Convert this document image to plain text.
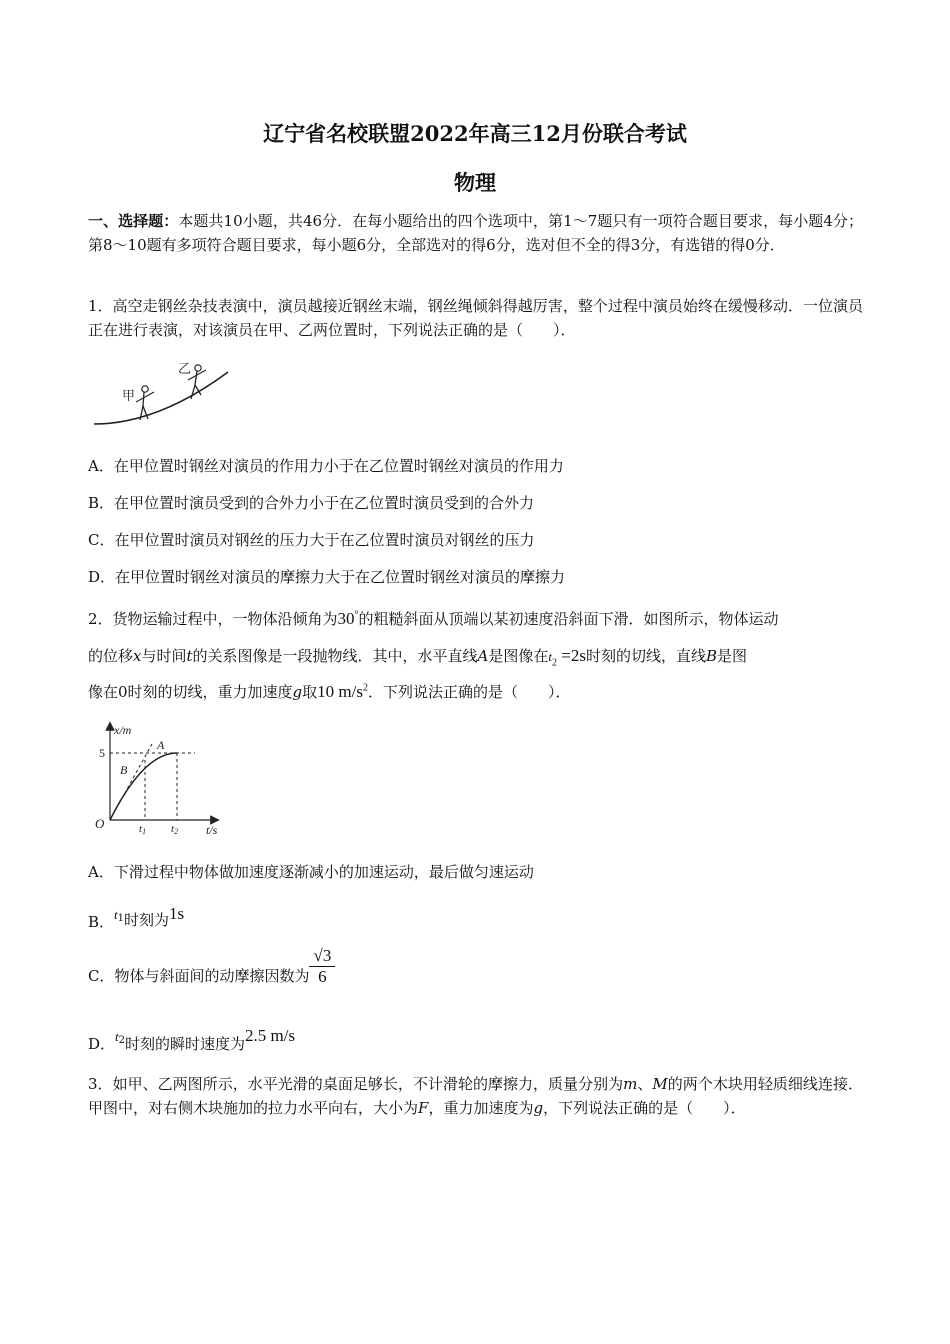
辽宁省名校联盟2022年高三12月份联合考试
物理
一、选择题：本题共10小题，共46分．在每小题给出的四个选项中，第1～7题只有一项符合题目要求，每小题4分；第8～10题有多项符合题目要求，每小题6分，全部选对的得6分，选对但不全的得3分，有选错的得0分．
1．高空走钢丝杂技表演中，演员越接近钢丝末端，钢丝绳倾斜得越厉害，整个过程中演员始终在缓慢移动．一位演员正在进行表演，对该演员在甲、乙两位置时，下列说法正确的是（　　）．
甲
乙
A．在甲位置时钢丝对演员的作用力小于在乙位置时钢丝对演员的作用力
B．在甲位置时演员受到的合外力小于在乙位置时演员受到的合外力
C．在甲位置时演员对钢丝的压力大于在乙位置时演员对钢丝的压力
D．在甲位置时钢丝对演员的摩擦力大于在乙位置时钢丝对演员的摩擦力
2．货物运输过程中，一物体沿倾角为30°的粗糙斜面从顶端以某初速度沿斜面下滑．如图所示，物体运动
的位移x与时间t的关系图像是一段抛物线．其中，水平直线A是图像在$t_2 =2s$时刻的切线，直线B是图
像在0时刻的切线，重力加速度g取10 $m/s^2$．下列说法正确的是（　　）．
x/m
5
A
B
O	t1 t2 t/s
A．下滑过程中物体做加速度逐渐减小的加速运动，最后做匀速运动
B．$t_1$时刻为1s
C．物体与斜面间的动摩擦因数为 $\frac{√3}{6}$
D．$t_2$时刻的瞬时速度为2.5 m/s
3．如甲、乙两图所示，水平光滑的桌面足够长，不计滑轮的摩擦力，质量分别为m、M的两个木块用轻质细线连接．甲图中，对右侧木块施加的拉力水平向右，大小为F，重力加速度为g，下列说法正确的是（　　）．
